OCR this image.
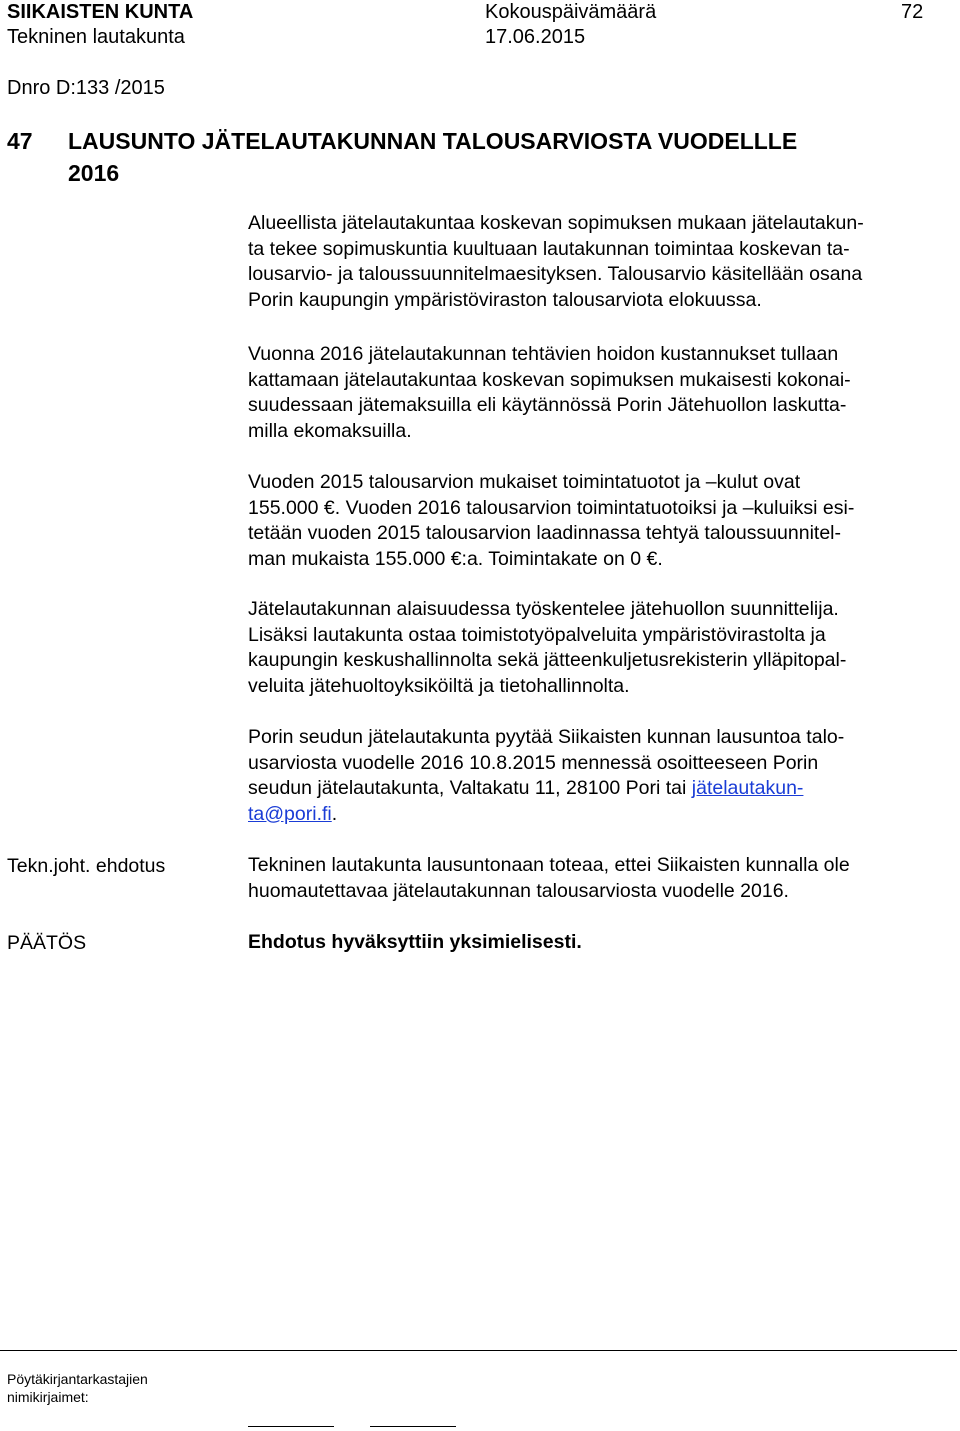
SIIKAISTEN KUNTA	Kokouspäivämäärä	72
Tekninen lautakunta	17.06.2015
Dnro D:133 /2015
47 LAUSUNTO JÄTELAUTAKUNNAN TALOUSARVIOSTA VUODELLLE
2016
Alueellista jätelautakuntaa koskevan sopimuksen mukaan jätelautakun-
ta tekee sopimuskuntia kuultuaan lautakunnan toimintaa koskevan ta-
lousarvio- ja taloussuunnitelmaesityksen. Talousarvio käsitellään osana
Porin kaupungin ympäristöviraston talousarviota elokuussa.
Vuonna 2016 jätelautakunnan tehtävien hoidon kustannukset tullaan
kattamaan jätelautakuntaa koskevan sopimuksen mukaisesti kokonai-
suudessaan jätemaksuilla eli käytännössä Porin Jätehuollon laskutta-
milla ekomaksuilla.
Vuoden 2015 talousarvion mukaiset toimintatuotot ja –kulut ovat
155.000 €. Vuoden 2016 talousarvion toimintatuotoiksi ja –kuluiksi esi-
tetään vuoden 2015 talousarvion laadinnassa tehtyä taloussuunnitel-
man mukaista 155.000 €:a. Toimintakate on 0 €.
Jätelautakunnan alaisuudessa työskentelee jätehuollon suunnittelija.
Lisäksi lautakunta ostaa toimistotyöpalveluita ympäristövirastolta ja
kaupungin keskushallinnolta sekä jätteenkuljetusrekisterin ylläpitopal-
veluita jätehuoltoyksiköiltä ja tietohallinnolta.
Porin seudun jätelautakunta pyytää Siikaisten kunnan lausuntoa talo-
usarviosta vuodelle 2016 10.8.2015 mennessä osoitteeseen Porin
seudun jätelautakunta, Valtakatu 11, 28100 Pori tai jätelautakun-
ta@pori.fi.
Tekn.joht. ehdotus	Tekninen lautakunta lausuntonaan toteaa, ettei Siikaisten kunnalla ole
huomautettavaa jätelautakunnan talousarviosta vuodelle 2016.
PÄÄTÖS	Ehdotus hyväksyttiin yksimielisesti.
Pöytäkirjantarkastajien
nimikirjaimet:
